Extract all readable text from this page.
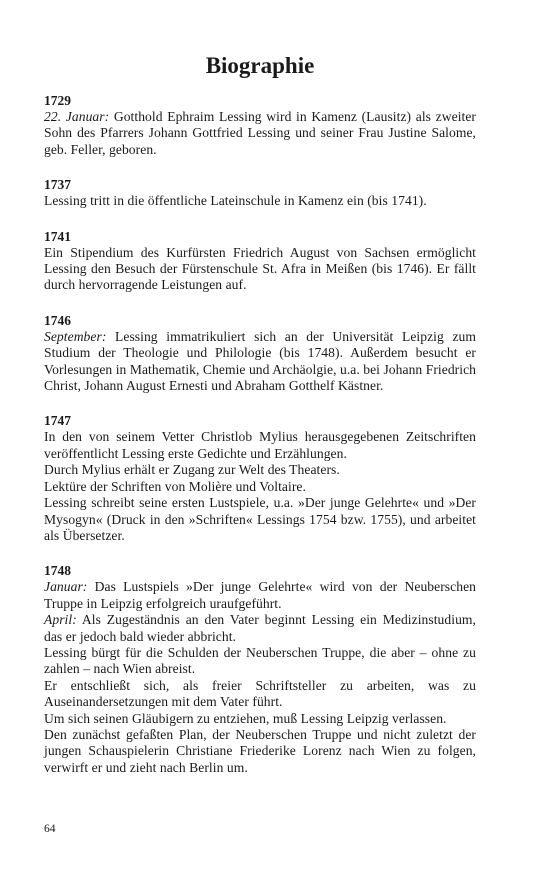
Biographie
1729

22. Januar: Gotthold Ephraim Lessing wird in Kamenz (Lausitz) als zweiter Sohn des Pfarrers Johann Gottfried Lessing und seiner Frau Justine Salome, geb. Feller, geboren.

1737

Lessing tritt in die öffentliche Lateinschule in Kamenz ein (bis 1741).

1741

Ein Stipendium des Kurfürsten Friedrich August von Sachsen ermöglicht Lessing den Besuch der Fürstenschule St. Afra in Meißen (bis 1746). Er fällt durch hervorragende Leistungen auf.

1746

September: Lessing immatrikuliert sich an der Universität Leipzig zum Studium der Theologie und Philologie (bis 1748). Außerdem besucht er Vorlesungen in Mathematik, Chemie und Archäolgie, u.a. bei Johann Friedrich Christ, Johann August Ernesti und Abraham Gotthelf Kästner.

1747

In den von seinem Vetter Christlob Mylius herausgegebenen Zeitschriften veröffentlicht Lessing erste Gedichte und Erzählungen.

Durch Mylius erhält er Zugang zur Welt des Theaters.

Lektüre der Schriften von Molière und Voltaire.

Lessing schreibt seine ersten Lustspiele, u.a. »Der junge Gelehrte« und »Der Mysogyn« (Druck in den »Schriften« Lessings 1754 bzw. 1755), und arbeitet als Übersetzer.

1748

Januar: Das Lustspiels »Der junge Gelehrte« wird von der Neuberschen Truppe in Leipzig erfolgreich uraufgeführt.

April: Als Zugeständnis an den Vater beginnt Lessing ein Medizinstudium, das er jedoch bald wieder abbricht.

Lessing bürgt für die Schulden der Neuberschen Truppe, die aber – ohne zu zahlen – nach Wien abreist.

Er entschließt sich, als freier Schriftsteller zu arbeiten, was zu Auseinandersetzungen mit dem Vater führt.

Um sich seinen Gläubigern zu entziehen, muß Lessing Leipzig verlassen.

Den zunächst gefaßten Plan, der Neuberschen Truppe und nicht zuletzt der jungen Schauspielerin Christiane Friederike Lorenz nach Wien zu folgen, verwirft er und zieht nach Berlin um.

64
